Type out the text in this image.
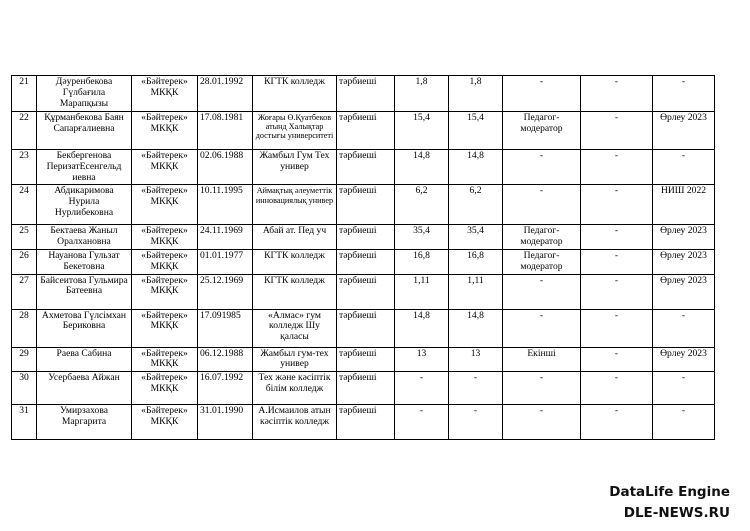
21	Дәуренбекова Гүлбағила Марапқызы	«Бәйтерек» МКҚК	28.01.1992	КГТК колледж	тәрбиеші	1,8	1,8	-	-	-
22	Құрманбекова Баян Сапарғалиевна	«Бәйтерек» МКҚК	17.08.1981	Жоғары Ө.Қуатбеков атынд Халықтар достығы университеті	тәрбиеші	15,4	15,4	Педагог-модератор	-	Өрлеу 2023
23	Бекбергенова ПеризатЕсенгельд иевна	«Бәйтерек» МКҚК	02.06.1988	Жамбыл Гум Тех универ	тәрбиеші	14,8	14,8	-	-	-
24	Абдикаримова Нурила Нурлибековна	«Бәйтерек» МКҚК	10.11.1995	Аймақтық әлеуметтік инновациялық универ	тәрбиеші	6,2	6,2	-	-	НИШ 2022
25	Бектаева Жаныл Оралхановна	«Бәйтерек» МКҚК	24.11.1969	Абай ат. Пед уч	тәрбиеші	35,4	35,4	Педагог-модератор	-	Өрлеу 2023
26	Науанова Гульзат Бекетовна	«Бәйтерек» МКҚК	01.01.1977	КГТК колледж	тәрбиеші	16,8	16,8	Педагог-модератор	-	Өрлеу 2023
27	Байсеитова Гульмира Батеевна	«Бәйтерек» МКҚК	25.12.1969	КГТК колледж	тәрбиеші	1,11	1,11	-	-	Өрлеу 2023
28	Ахметова Гүлсімхан Бериковна	«Бәйтерек» МКҚК	17.091985	«Алмас» гум колледж Шу қаласы	тәрбиеші	14,8	14,8	-	-	-
29	Раева Сабина	«Бәйтерек» МКҚК	06.12.1988	Жамбыл гум-тех универ	тәрбиеші	13	13	Екінші	-	Өрлеу 2023
30	Усербаева Айжан	«Бәйтерек» МКҚК	16.07.1992	Тех және кәсіптік білім колледж	тәрбиеші	-	-	-	-	-
31	Умирзахова Маргарита	«Бәйтерек» МКҚК	31.01.1990	А.Исмаилов атын кәсіптік колледж	тәрбиеші	-	-	-	-	-
DataLife Engine
DLE-NEWS.RU
